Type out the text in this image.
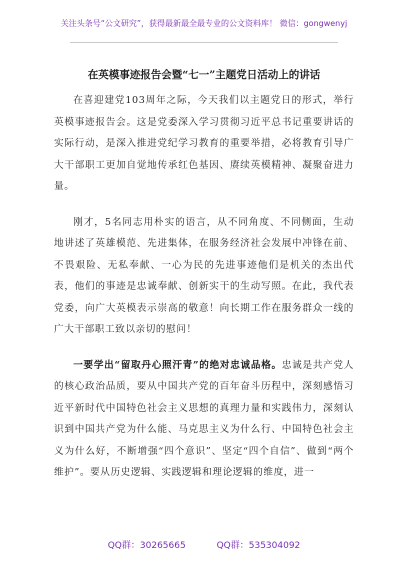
关注头条号“公文研究”，获得最新最全最专业的公文资料库！ 微信：gongwenyj
在英模事迹报告会暨“七一”主题党日活动上的讲话

在喜迎建党103周年之际，今天我们以主题党日的形式，举行英模事迹报告会。这是党委深入学习贯彻习近平总书记重要讲话的实际行动，是深入推进党纪学习教育的重要举措，必将教育引导广大干部职工更加自觉地传承红色基因、赓续英模精神、凝聚奋进力量。

刚才，5名同志用朴实的语言，从不同角度、不同侧面，生动地讲述了英雄模范、先进集体，在服务经济社会发展中冲锋在前、不畏艰险、无私奉献、一心为民的先进事迹他们是机关的杰出代表，他们的事迹是忠诚奉献、创新实干的生动写照。在此，我代表党委，向广大英模表示崇高的敬意！向长期工作在服务群众一线的广大干部职工致以亲切的慰问！

一要学出“留取丹心照汗青”的绝对忠诚品格。忠诚是共产党人的核心政治品质，要从中国共产党的百年奋斗历程中，深刻感悟习近平新时代中国特色社会主义思想的真理力量和实践伟力，深刻认识到中国共产党为什么能、马克思主义为什么行、中国特色社会主义为什么好，不断增强“四个意识”、坚定“四个自信”、做到“两个维护”。要从历史逻辑、实践逻辑和理论逻辑的维度，进一

QQ群：30265665	QQ群：535304092
